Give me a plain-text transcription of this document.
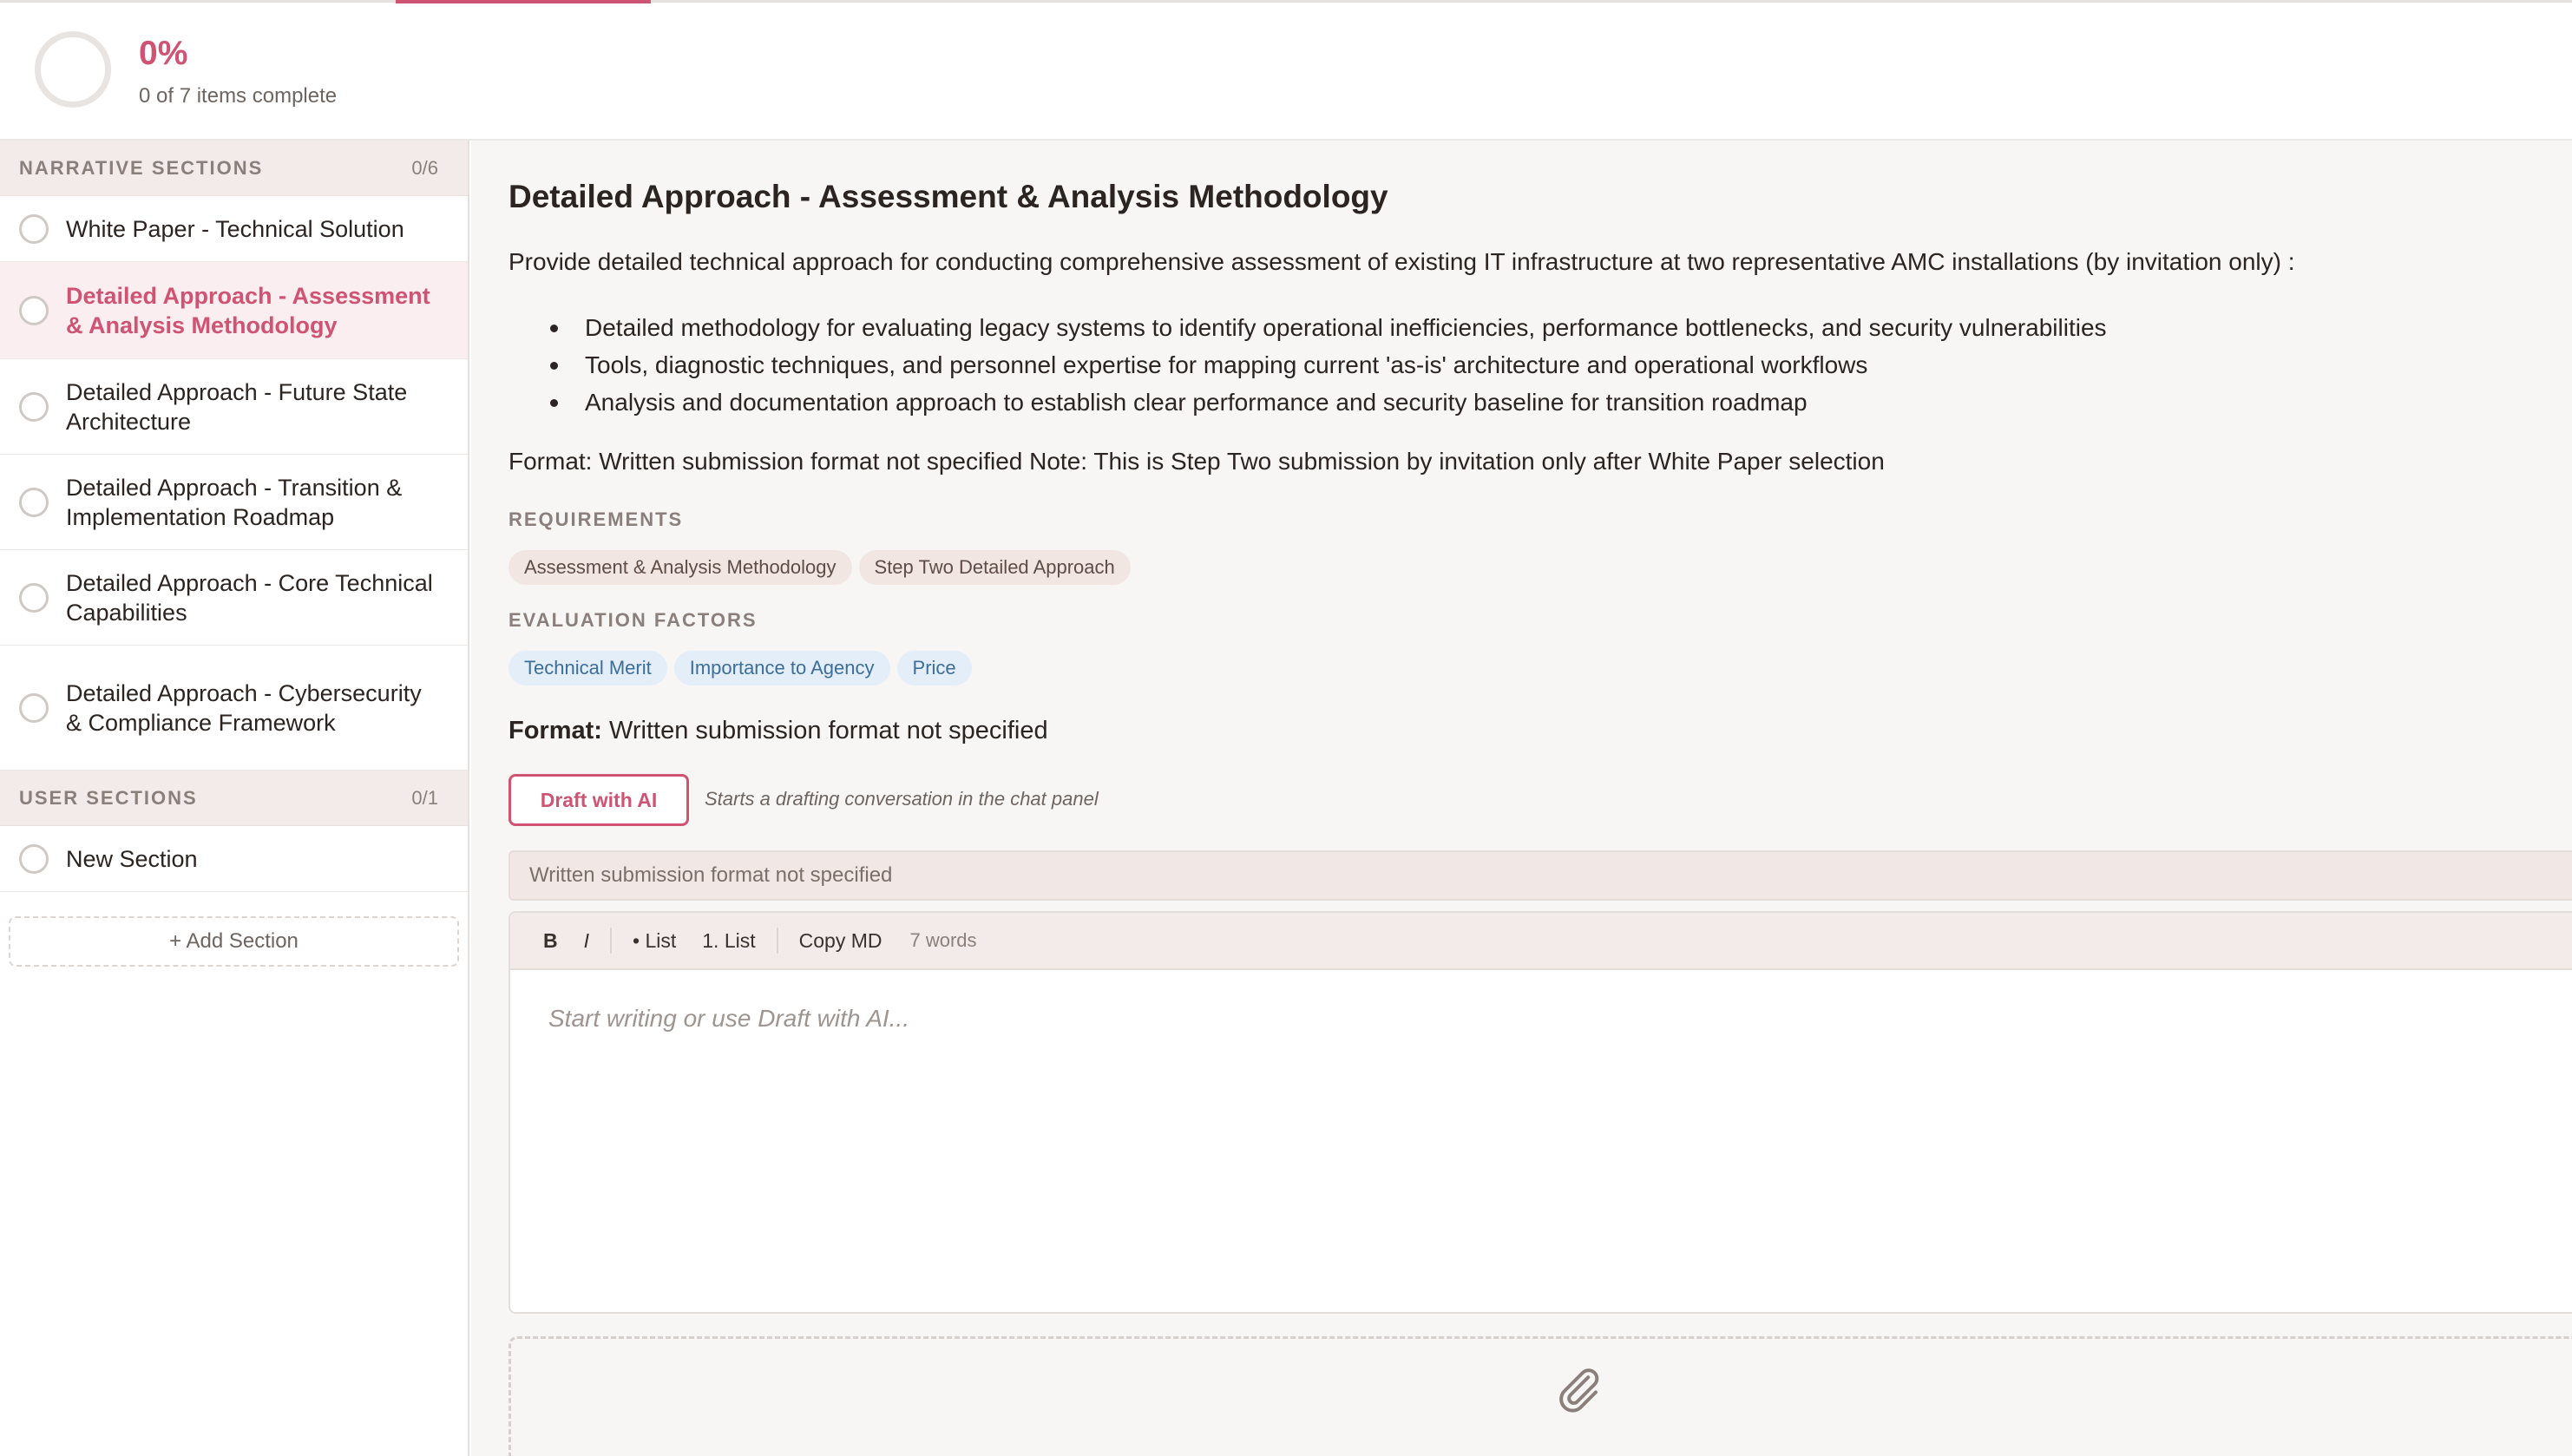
0%
0 of 7 items complete
NARRATIVE SECTIONS	0/6
White Paper - Technical Solution
Detailed Approach - Assessment & Analysis Methodology
Detailed Approach - Future State Architecture
Detailed Approach - Transition & Implementation Roadmap
Detailed Approach - Core Technical Capabilities
Detailed Approach - Cybersecurity & Compliance Framework
USER SECTIONS	0/1
New Section
+ Add Section
Detailed Approach - Assessment & Analysis Methodology
Provide detailed technical approach for conducting comprehensive assessment of existing IT infrastructure at two representative AMC installations (by invitation only) :
Detailed methodology for evaluating legacy systems to identify operational inefficiencies, performance bottlenecks, and security vulnerabilities
Tools, diagnostic techniques, and personnel expertise for mapping current 'as-is' architecture and operational workflows
Analysis and documentation approach to establish clear performance and security baseline for transition roadmap
Format: Written submission format not specified Note: This is Step Two submission by invitation only after White Paper selection
REQUIREMENTS
Assessment & Analysis Methodology	Step Two Detailed Approach
EVALUATION FACTORS
Technical Merit	Importance to Agency	Price
Format: Written submission format not specified
Draft with AI	Starts a drafting conversation in the chat panel
Written submission format not specified
B	I	• List	1. List	Copy MD	7 words
Start writing or use Draft with AI...
